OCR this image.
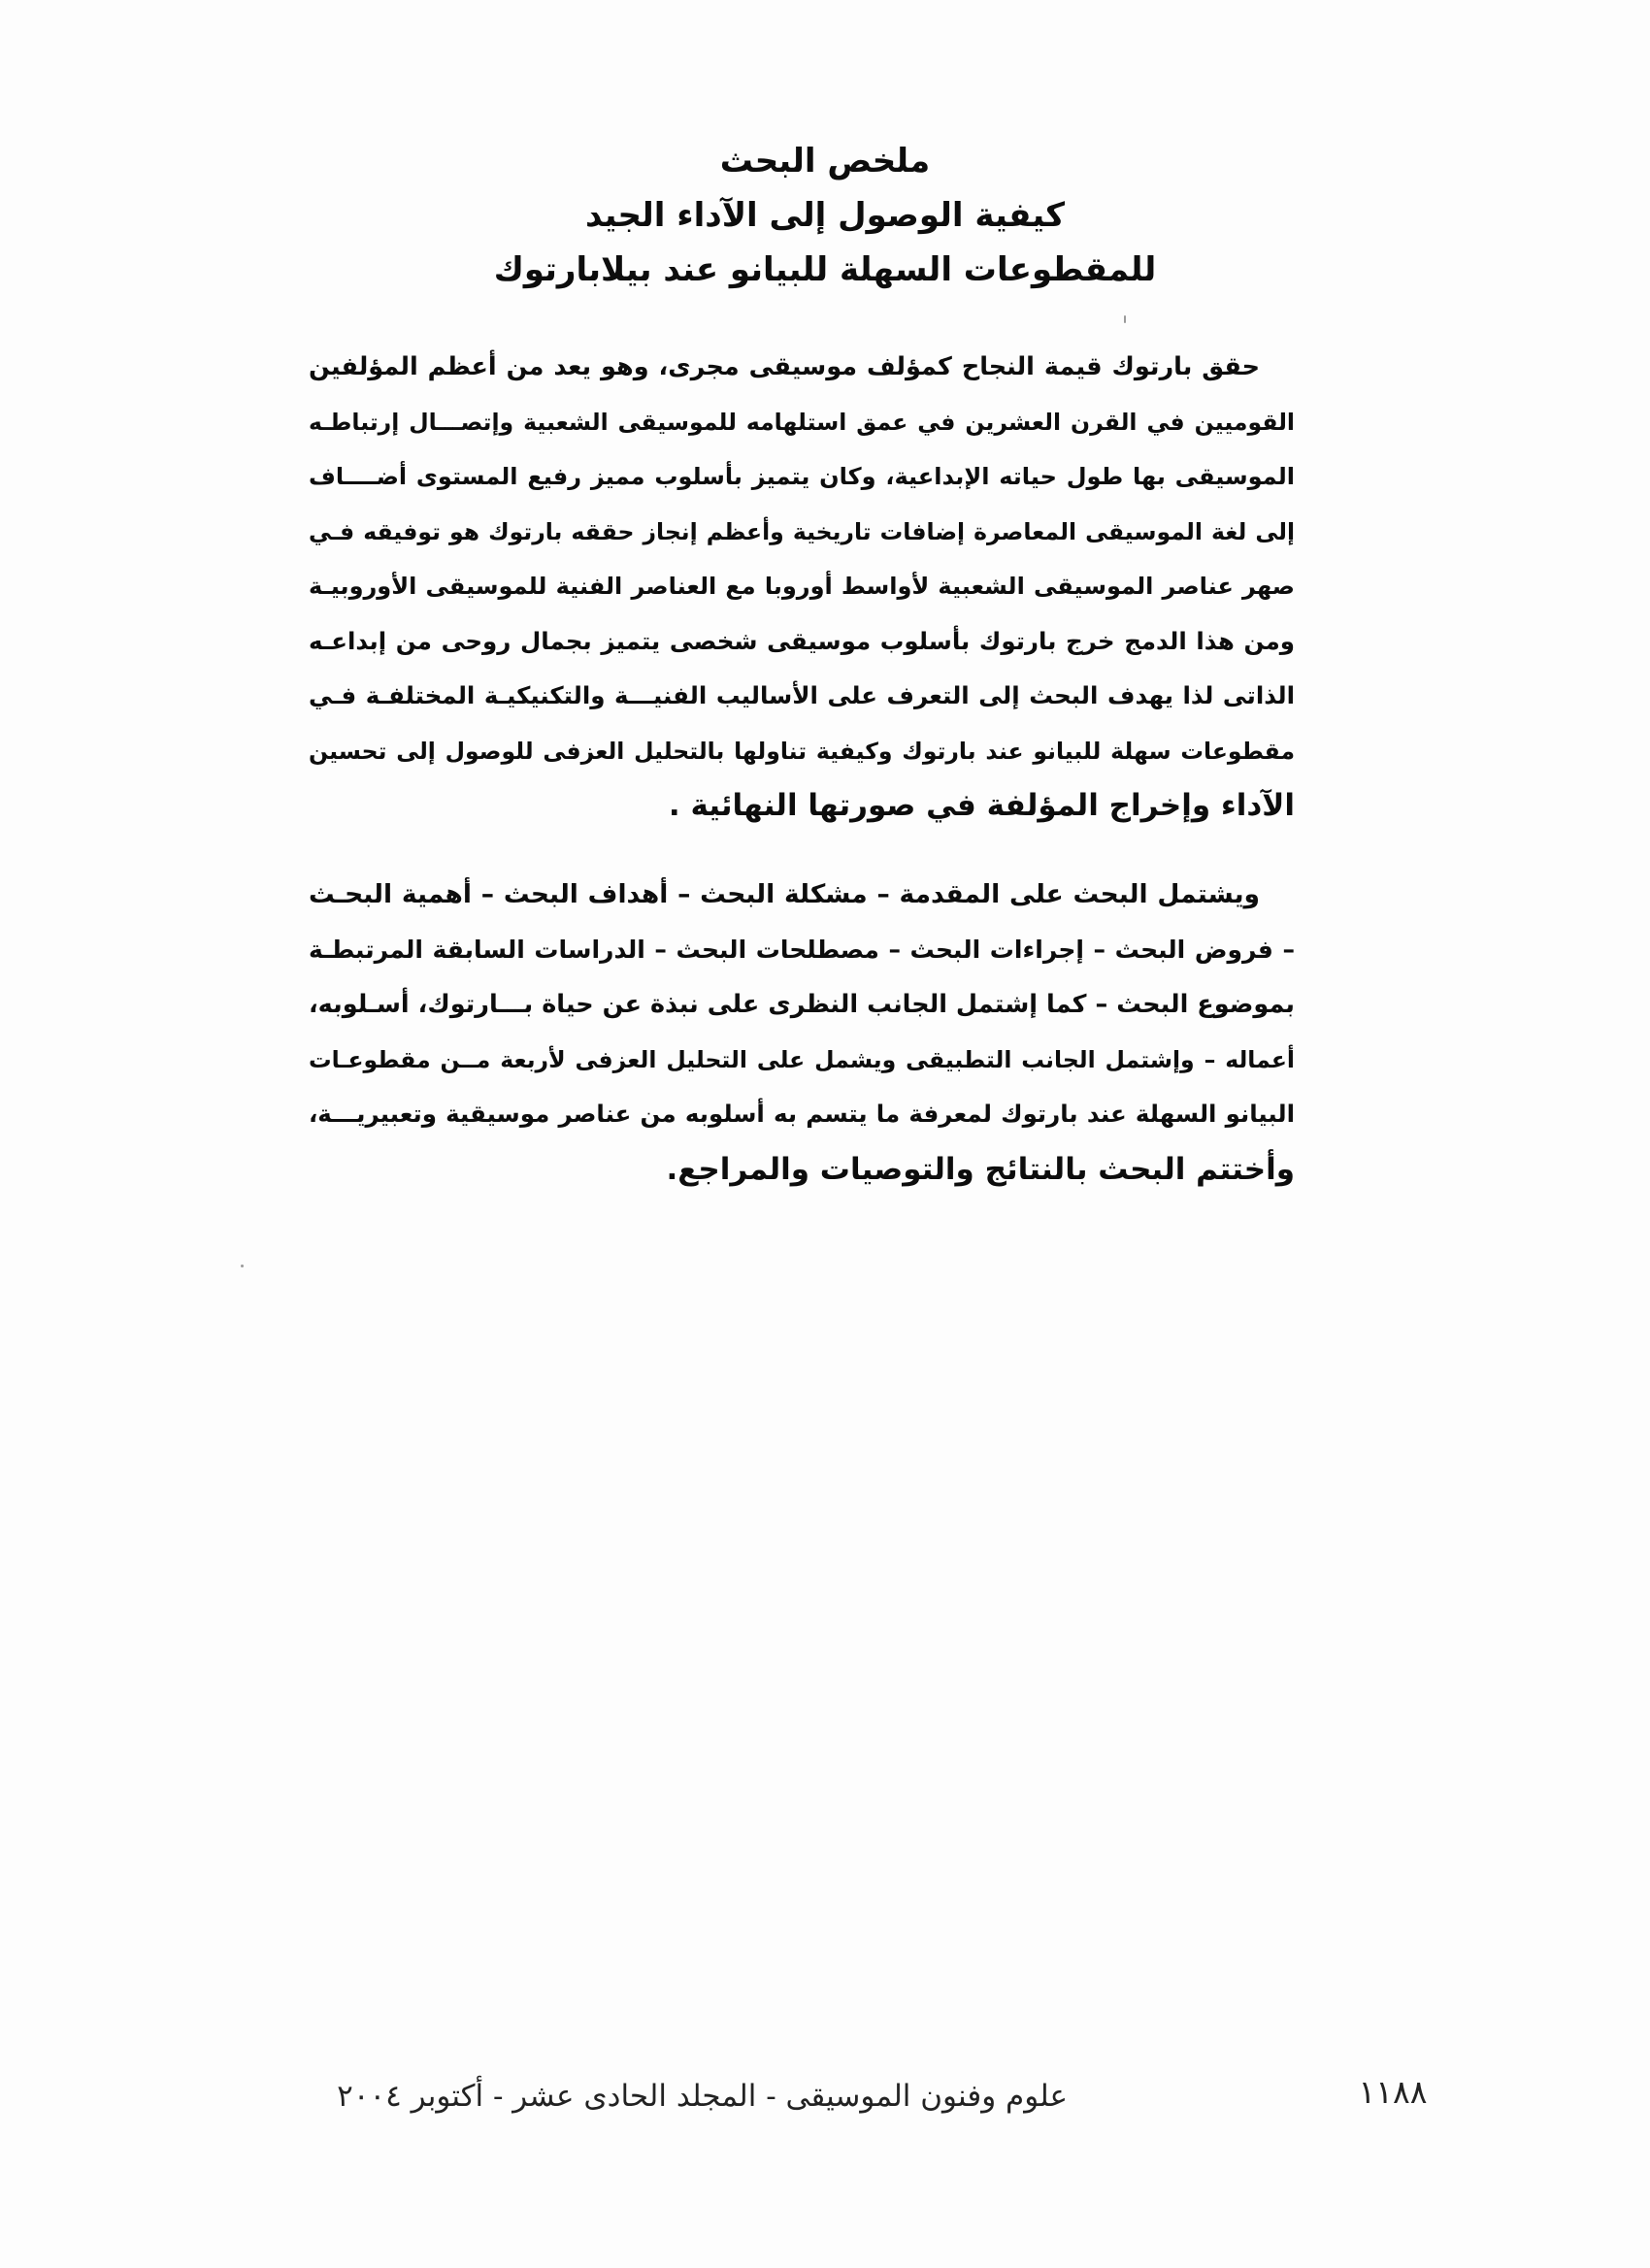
ملخص البحث
كيفية الوصول إلى الآداء الجيد
للمقطوعات السهلة للبيانو عند بيلابارتوك
حقق بارتوك قيمة النجاح كمؤلف موسيقى مجرى، وهو يعد من أعظم المؤلفين
القوميين في القرن العشرين في عمق استلهامه للموسيقى الشعبية وإتصـــال إرتباطـه
الموسيقى بها طول حياته الإبداعية، وكان يتميز بأسلوب مميز رفيع المستوى أضــــاف
إلى لغة الموسيقى المعاصرة إضافات تاريخية وأعظم إنجاز حققه بارتوك هو توفيقه فـي
صهر عناصر الموسيقى الشعبية لأواسط أوروبا مع العناصر الفنية للموسيقى الأوروبيـة
ومن هذا الدمج خرج بارتوك بأسلوب موسيقى شخصى يتميز بجمال روحى من إبداعـه
الذاتى لذا يهدف البحث إلى التعرف على الأساليب الفنيـــة والتكنيكيـة المختلفـة فـي
مقطوعات سهلة للبيانو عند بارتوك وكيفية تناولها بالتحليل العزفى للوصول إلى تحسين
الآداء وإخراج المؤلفة في صورتها النهائية .
ويشتمل البحث على المقدمة – مشكلة البحث – أهداف البحث – أهمية البحـث
– فروض البحث – إجراءات البحث – مصطلحات البحث – الدراسات السابقة المرتبطـة
بموضوع البحث – كما إشتمل الجانب النظرى على نبذة عن حياة بـــارتوك، أسـلوبه،
أعماله – وإشتمل الجانب التطبيقى ويشمل على التحليل العزفى لأربعة مــن مقطوعـات
البيانو السهلة عند بارتوك لمعرفة ما يتسم به أسلوبه من عناصر موسيقية وتعبيريـــة،
وأختتم البحث بالنتائج والتوصيات والمراجع.
١١٨٨
علوم وفنون الموسيقى - المجلد الحادى عشر - أكتوبر ٢٠٠٤
